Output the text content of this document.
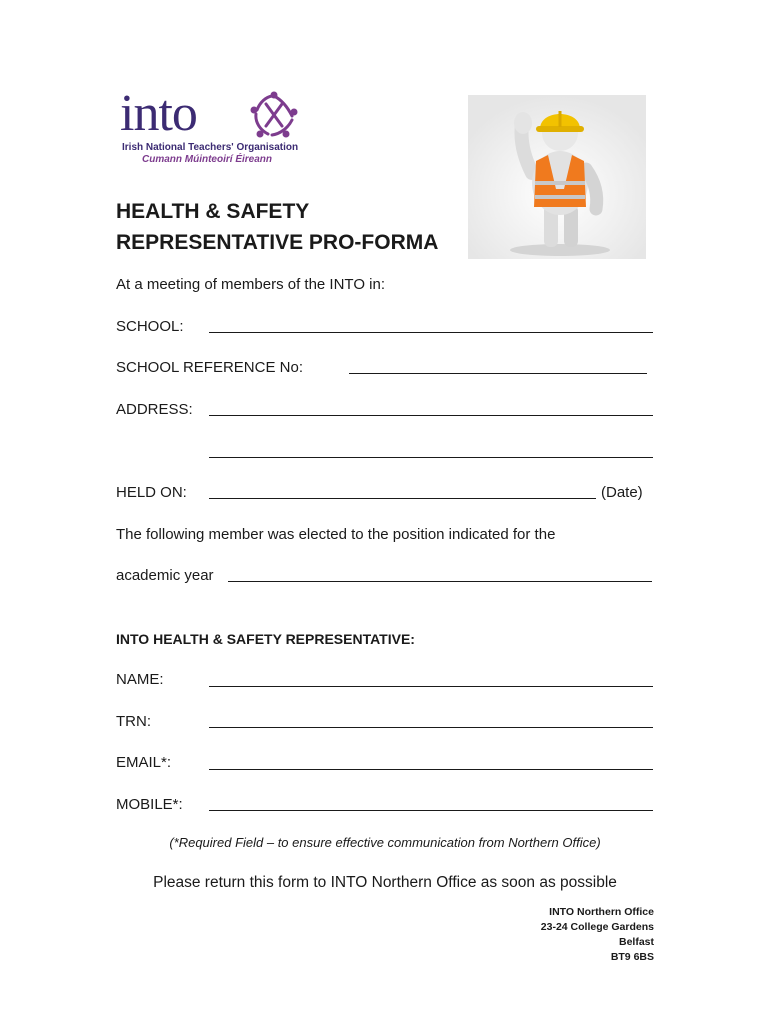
into
Irish National Teachers' Organisation
Cumann Múinteoirí Éireann
HEALTH & SAFETY
REPRESENTATIVE PRO-FORMA
At a meeting of members of the INTO in:
SCHOOL:
SCHOOL REFERENCE No:
ADDRESS:
HELD ON:	(Date)
The following member was elected to the position indicated for the
academic year
INTO HEALTH & SAFETY REPRESENTATIVE:
NAME:
TRN:
EMAIL*:
MOBILE*:
(*Required Field – to ensure effective communication from Northern Office)
Please return this form to INTO Northern Office as soon as possible
INTO Northern Office
23-24 College Gardens
Belfast
BT9 6BS
